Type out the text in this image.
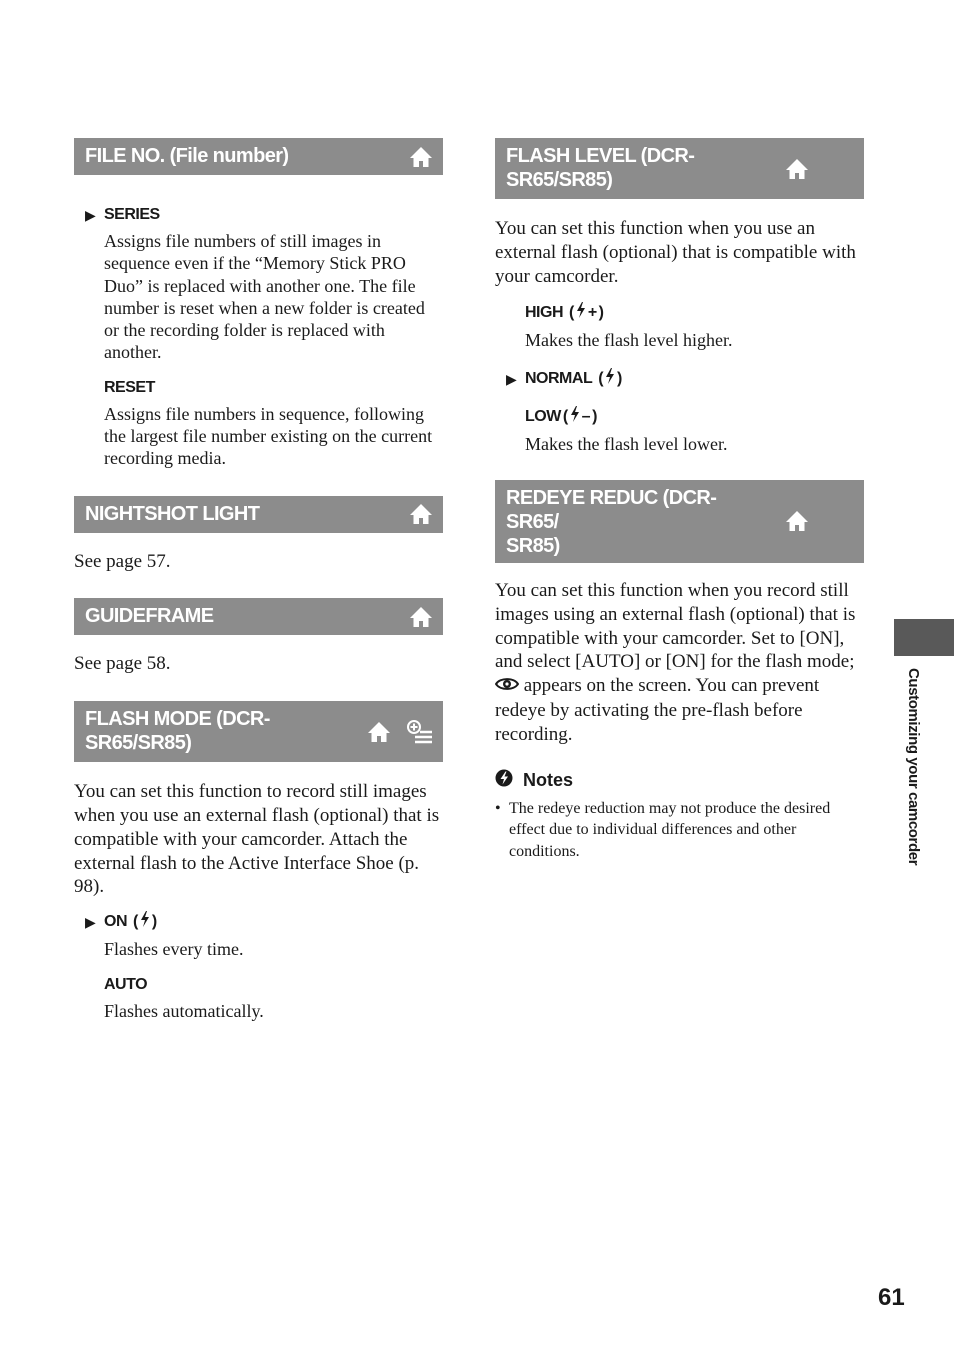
FILE NO. (File number)
▶ SERIES
Assigns file numbers of still images in sequence even if the “Memory Stick PRO Duo” is replaced with another one. The file number is reset when a new folder is created or the recording folder is replaced with another.
RESET
Assigns file numbers in sequence, following the largest file number existing on the current recording media.
NIGHTSHOT LIGHT
See page 57.
GUIDEFRAME
See page 58.
FLASH MODE (DCR-SR65/SR85)
You can set this function to record still images when you use an external flash (optional) that is compatible with your camcorder. Attach the external flash to the Active Interface Shoe (p. 98).
▶ ON ( )
Flashes every time.
AUTO
Flashes automatically.
FLASH LEVEL (DCR-SR65/SR85)
You can set this function when you use an external flash (optional) that is compatible with your camcorder.
HIGH ( + )
Makes the flash level higher.
▶ NORMAL ( )
LOW ( – )
Makes the flash level lower.
REDEYE REDUC (DCR-SR65/
SR85)
You can set this function when you record still images using an external flash (optional) that is compatible with your camcorder. Set to [ON], and select [AUTO] or [ON] for the flash mode;  appears on the screen. You can prevent redeye by activating the pre-flash before recording.
Notes
• The redeye reduction may not produce the desired effect due to individual differences and other conditions.	Customizing your camcorder
61
